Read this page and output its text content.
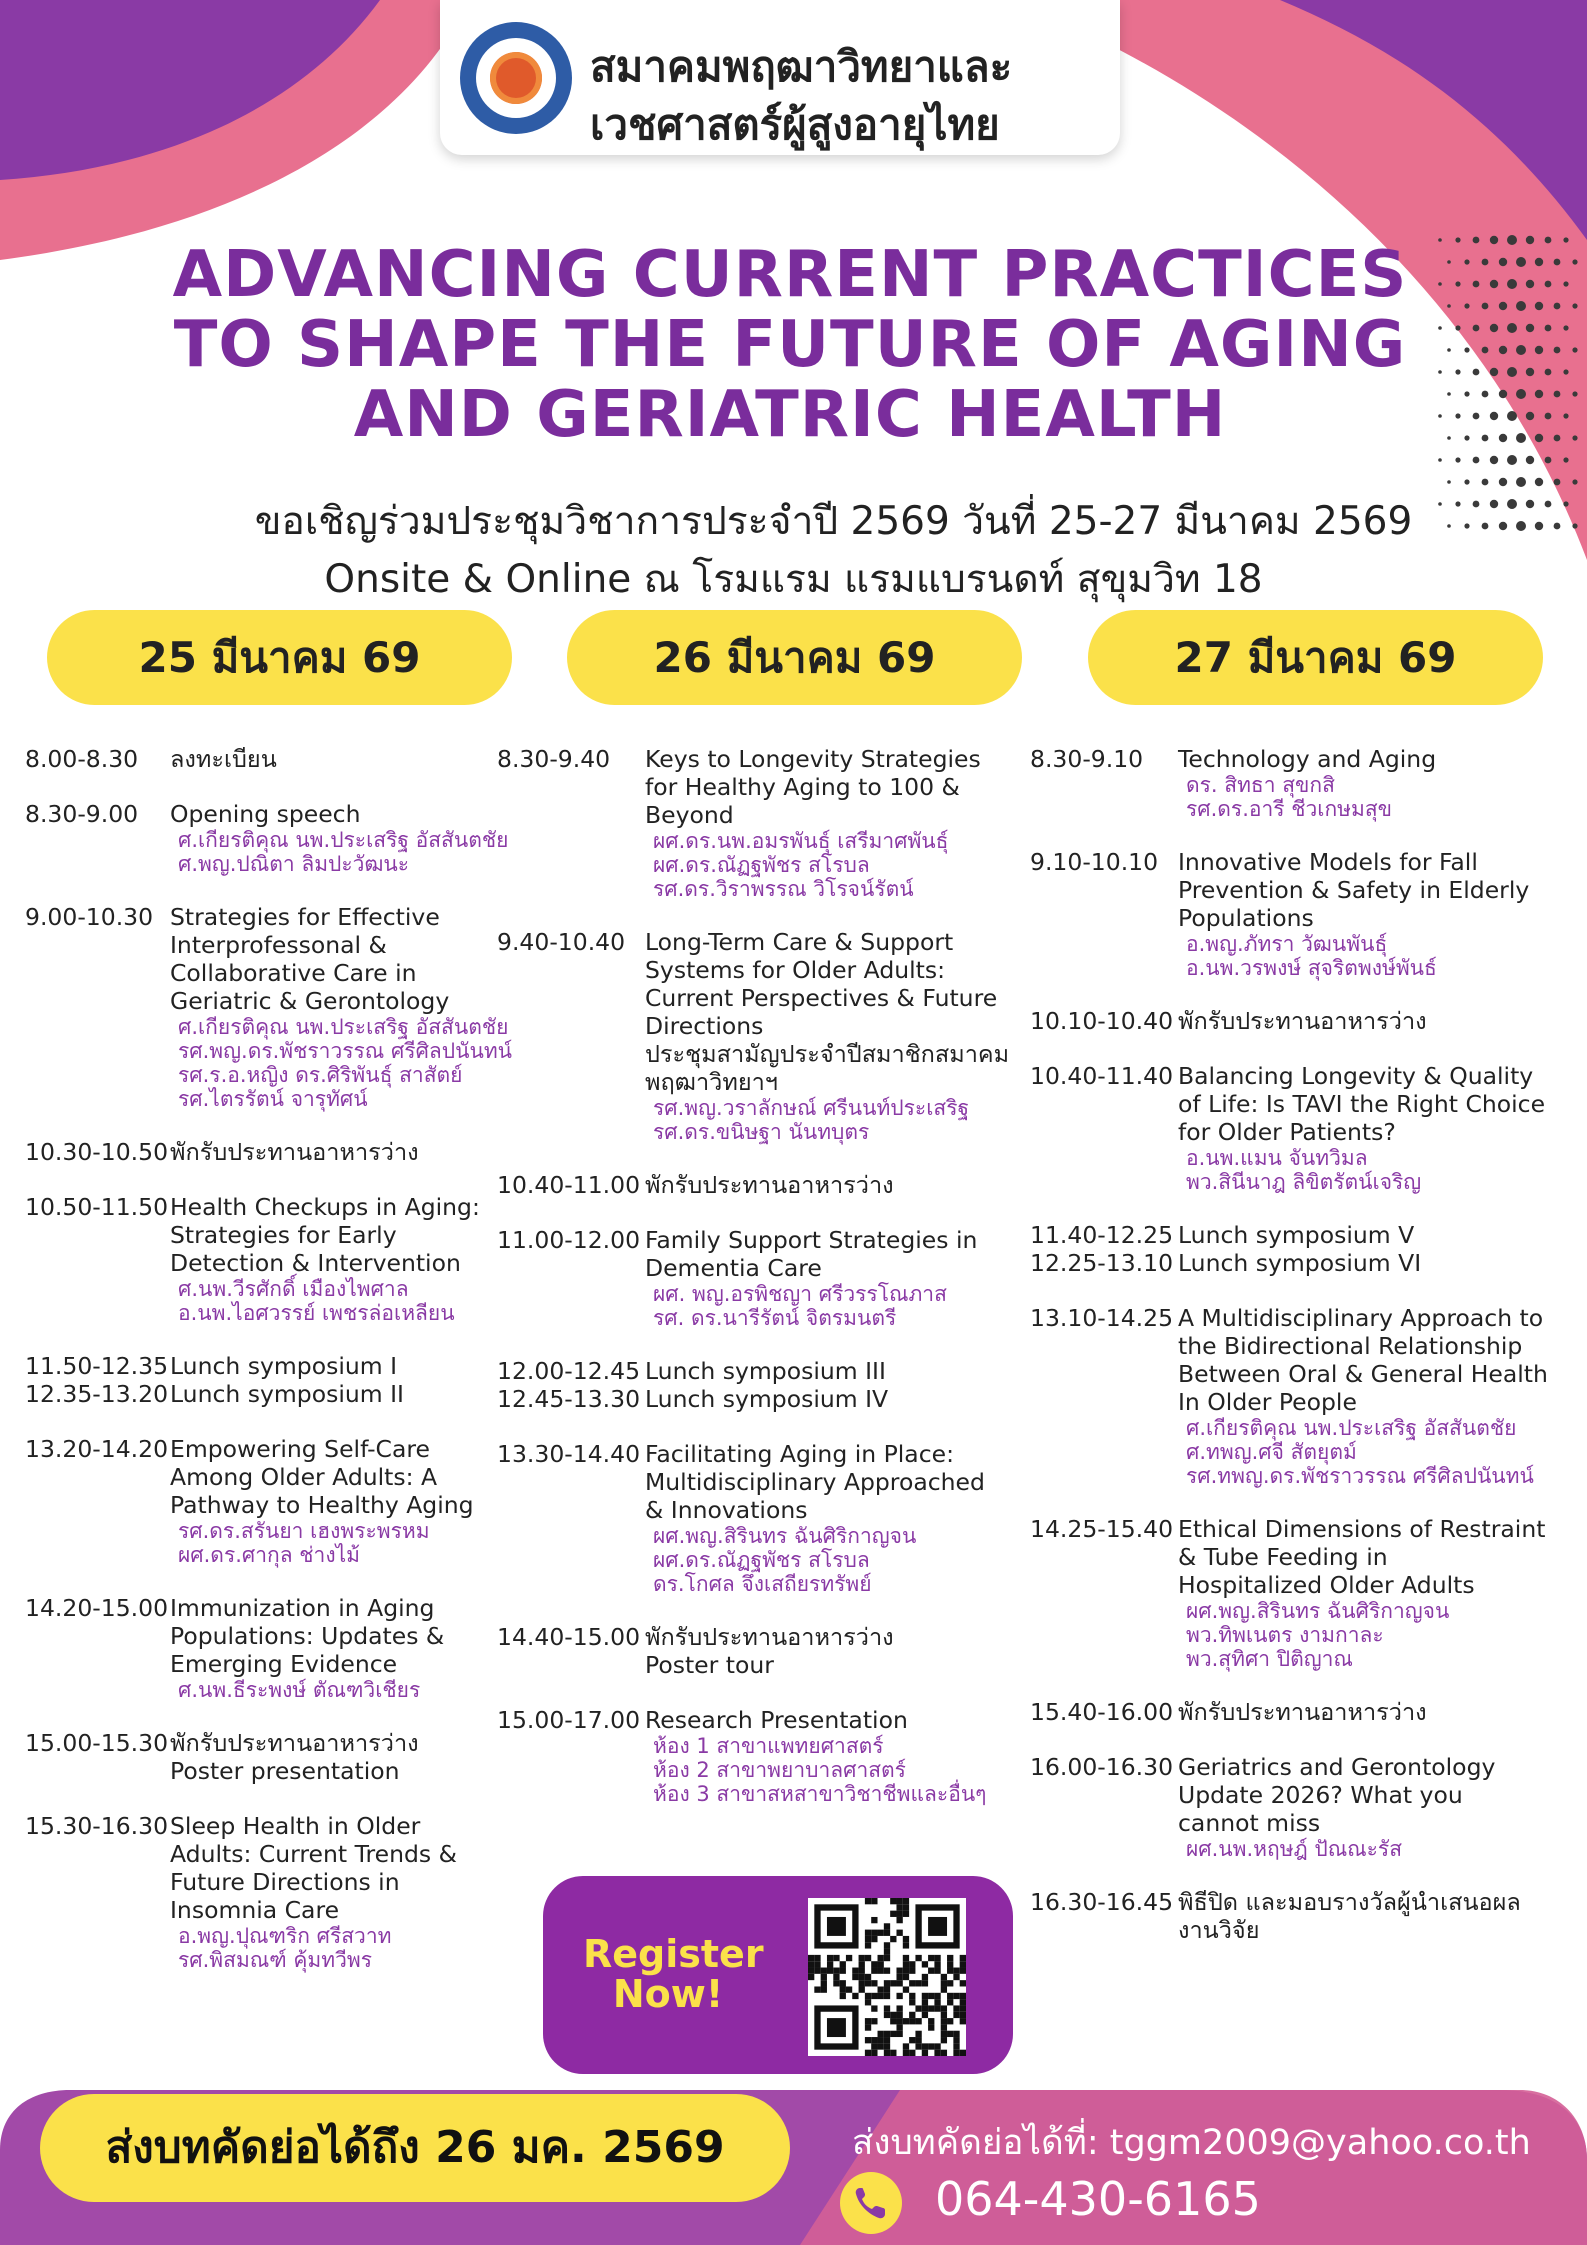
สมาคมพฤฒาวิทยาและ
เวชศาสตร์ผู้สูงอายุไทย
ADVANCING CURRENT PRACTICES
TO SHAPE THE FUTURE OF AGING
AND GERIATRIC HEALTH
ขอเชิญร่วมประชุมวิชาการประจำปี 2569 วันที่ 25-27 มีนาคม 2569
Onsite & Online ณ โรมแรม แรมแบรนดท์ สุขุมวิท 18
25 มีนาคม 69	26 มีนาคม 69	27 มีนาคม 69
8.00-8.30 ลงทะเบียน
8.30-9.00 Opening speech
ศ.เกียรติคุณ นพ.ประเสริฐ อัสสันตชัย
ศ.พญ.ปณิตา ลิมปะวัฒนะ
9.00-10.30 Strategies for Effective
Interprofessonal &
Collaborative Care in
Geriatric & Gerontology
ศ.เกียรติคุณ นพ.ประเสริฐ อัสสันตชัย
รศ.พญ.ดร.พัชราวรรณ ศรีศิลปนันทน์
รศ.ร.อ.หญิง ดร.ศิริพันธุ์ สาสัตย์
รศ.ไตรรัตน์ จารุทัศน์
10.30-10.50 พักรับประทานอาหารว่าง
10.50-11.50 Health Checkups in Aging:
Strategies for Early
Detection & Intervention
ศ.นพ.วีรศักดิ์ เมืองไพศาล
อ.นพ.ไอศวรรย์ เพชรล่อเหลียน
11.50-12.35 Lunch symposium I
12.35-13.20 Lunch symposium II
13.20-14.20 Empowering Self-Care
Among Older Adults: A
Pathway to Healthy Aging
รศ.ดร.สรันยา เฮงพระพรหม
ผศ.ดร.ศากุล ช่างไม้
14.20-15.00 Immunization in Aging
Populations: Updates &
Emerging Evidence
ศ.นพ.ธีระพงษ์ ตัณฑวิเชียร
15.00-15.30 พักรับประทานอาหารว่าง
Poster presentation
15.30-16.30 Sleep Health in Older
Adults: Current Trends &
Future Directions in
Insomnia Care
อ.พญ.ปุณฑริก ศรีสวาท
รศ.พิสมณฑ์ คุ้มทวีพร
8.30-9.40 Keys to Longevity Strategies
for Healthy Aging to 100 &
Beyond
ผศ.ดร.นพ.อมรพันธุ์ เสรีมาศพันธุ์
ผศ.ดร.ณัฏฐพัชร สโรบล
รศ.ดร.วิราพรรณ วิโรจน์รัตน์
9.40-10.40 Long-Term Care & Support
Systems for Older Adults:
Current Perspectives & Future
Directions
ประชุมสามัญประจำปีสมาชิกสมาคม
พฤฒาวิทยาฯ
รศ.พญ.วราลักษณ์ ศรีนนท์ประเสริฐ
รศ.ดร.ขนิษฐา นันทบุตร
10.40-11.00 พักรับประทานอาหารว่าง
11.00-12.00 Family Support Strategies in
Dementia Care
ผศ. พญ.อรพิชญา ศรีวรรโณภาส
รศ. ดร.นารีรัตน์ จิตรมนตรี
12.00-12.45 Lunch symposium III
12.45-13.30 Lunch symposium IV
13.30-14.40 Facilitating Aging in Place:
Multidisciplinary Approached
& Innovations
ผศ.พญ.สิรินทร ฉันศิริกาญจน
ผศ.ดร.ณัฏฐพัชร สโรบล
ดร.โกศล จึงเสถียรทรัพย์
14.40-15.00 พักรับประทานอาหารว่าง
Poster tour
15.00-17.00 Research Presentation
ห้อง 1 สาขาแพทยศาสตร์
ห้อง 2 สาขาพยาบาลศาสตร์
ห้อง 3 สาขาสหสาขาวิชาชีพและอื่นๆ
8.30-9.10 Technology and Aging
ดร. สิทธา สุขกสิ
รศ.ดร.อารี ชีวเกษมสุข
9.10-10.10 Innovative Models for Fall
Prevention & Safety in Elderly
Populations
อ.พญ.ภัทรา วัฒนพันธุ์
อ.นพ.วรพงษ์ สุจริตพงษ์พันธ์
10.10-10.40 พักรับประทานอาหารว่าง
10.40-11.40 Balancing Longevity & Quality
of Life: Is TAVI the Right Choice
for Older Patients?
อ.นพ.แมน จันทวิมล
พว.สินีนาฎ ลิขิตรัตน์เจริญ
11.40-12.25 Lunch symposium V
12.25-13.10 Lunch symposium VI
13.10-14.25 A Multidisciplinary Approach to
the Bidirectional Relationship
Between Oral & General Health
In Older People
ศ.เกียรติคุณ นพ.ประเสริฐ อัสสันตชัย
ศ.ทพญ.ศจี สัตยุตม์
รศ.ทพญ.ดร.พัชราวรรณ ศรีศิลปนันทน์
14.25-15.40 Ethical Dimensions of Restraint
& Tube Feeding in
Hospitalized Older Adults
ผศ.พญ.สิรินทร ฉันศิริกาญจน
พว.ทิพเนตร งามกาละ
พว.สุทิศา ปิติญาณ
15.40-16.00 พักรับประทานอาหารว่าง
16.00-16.30 Geriatrics and Gerontology
Update 2026? What you
cannot miss
ผศ.นพ.หฤษฎ์ ปัณณะรัส
16.30-16.45 พิธีปิด และมอบรางวัลผู้นำเสนอผล
งานวิจัย
Register
Now!
ส่งบทคัดย่อได้ถึง 26 มค. 2569	ส่งบทคัดย่อได้ที่: tggm2009@yahoo.co.th
064-430-6165
